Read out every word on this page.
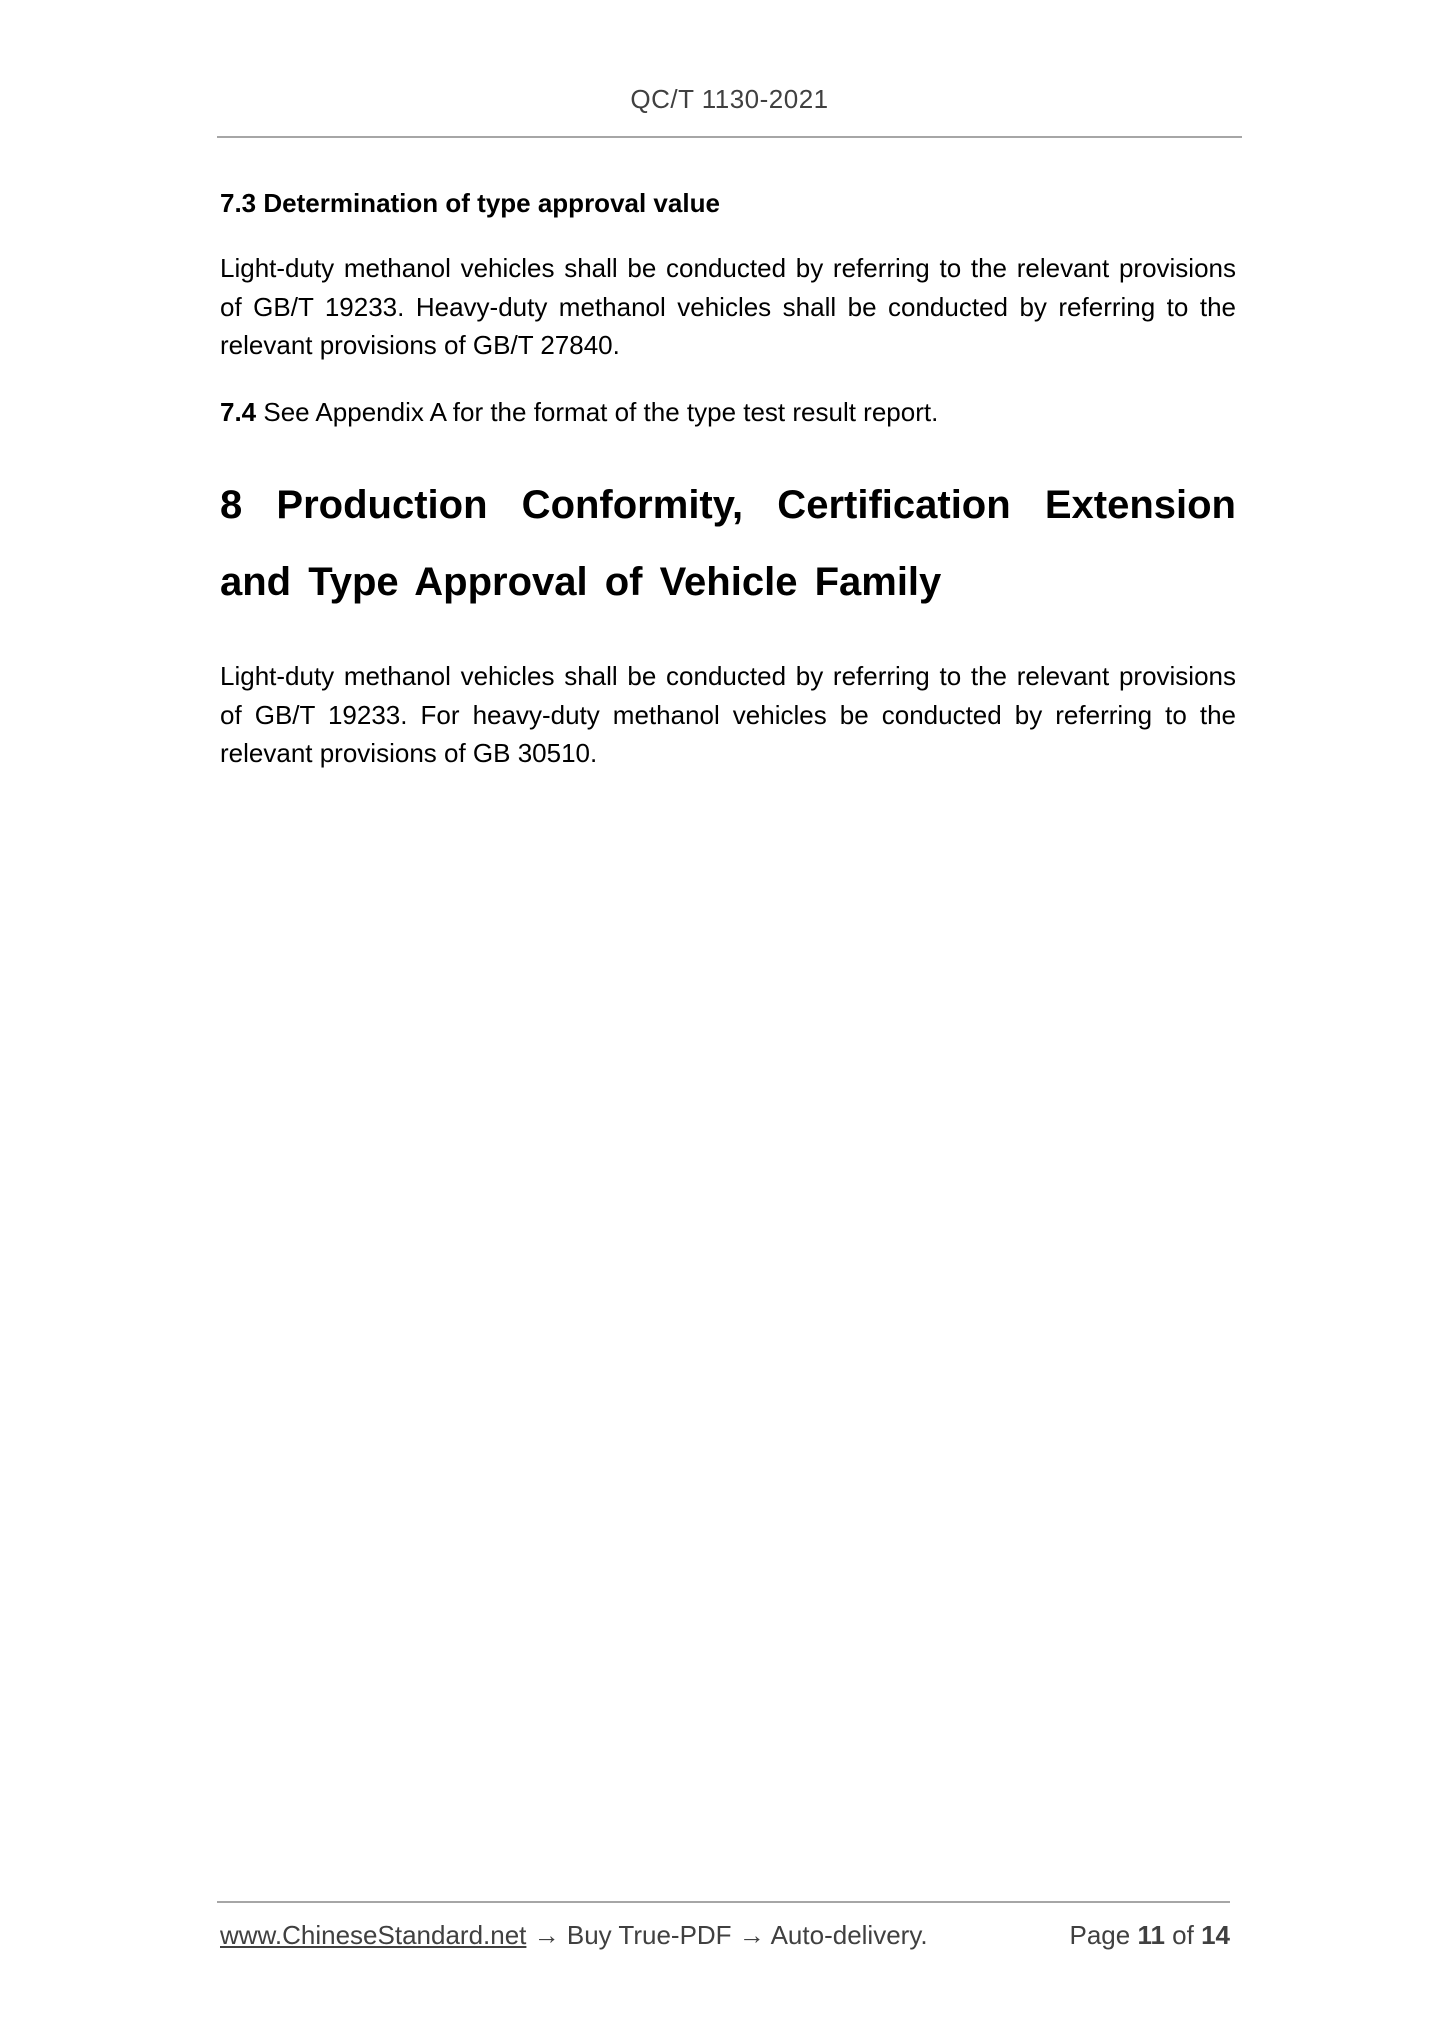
QC/T 1130-2021
7.3 Determination of type approval value

Light-duty methanol vehicles shall be conducted by referring to the relevant provisions of GB/T 19233. Heavy-duty methanol vehicles shall be conducted by referring to the relevant provisions of GB/T 27840.

7.4 See Appendix A for the format of the type test result report.

8 Production Conformity, Certification Extension and Type Approval of Vehicle Family

Light-duty methanol vehicles shall be conducted by referring to the relevant provisions of GB/T 19233. For heavy-duty methanol vehicles be conducted by referring to the relevant provisions of GB 30510.

www.ChineseStandard.net → Buy True-PDF → Auto-delivery.	Page 11 of 14
